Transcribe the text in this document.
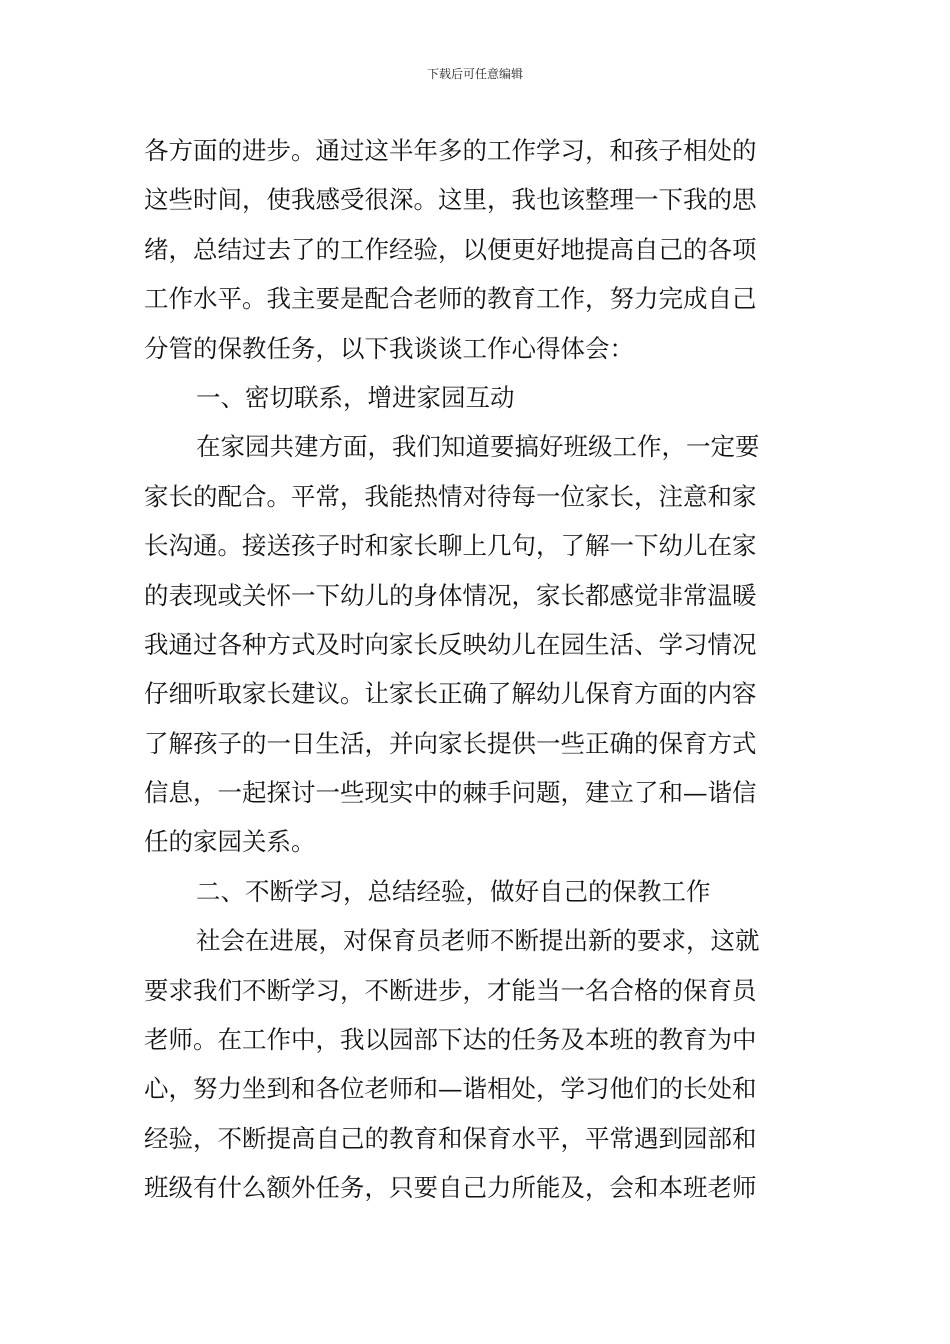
下载后可任意编辑
各方面的进步。通过这半年多的工作学习，和孩子相处的
这些时间，使我感受很深。这里，我也该整理一下我的思
绪，总结过去了的工作经验，以便更好地提高自己的各项
工作水平。我主要是配合老师的教育工作，努力完成自己
分管的保教任务，以下我谈谈工作心得体会：
一、密切联系，增进家园互动
在家园共建方面，我们知道要搞好班级工作，一定要
家长的配合。平常，我能热情对待每一位家长，注意和家
长沟通。接送孩子时和家长聊上几句，了解一下幼儿在家
的表现或关怀一下幼儿的身体情况，家长都感觉非常温暖
我通过各种方式及时向家长反映幼儿在园生活、学习情况
仔细听取家长建议。让家长正确了解幼儿保育方面的内容
了解孩子的一日生活，并向家长提供一些正确的保育方式
信息，一起探讨一些现实中的棘手问题，建立了和—谐信
任的家园关系。
二、不断学习，总结经验，做好自己的保教工作
社会在进展，对保育员老师不断提出新的要求，这就
要求我们不断学习，不断进步，才能当一名合格的保育员
老师。在工作中，我以园部下达的任务及本班的教育为中
心，努力坐到和各位老师和—谐相处，学习他们的长处和
经验，不断提高自己的教育和保育水平，平常遇到园部和
班级有什么额外任务，只要自己力所能及，会和本班老师
